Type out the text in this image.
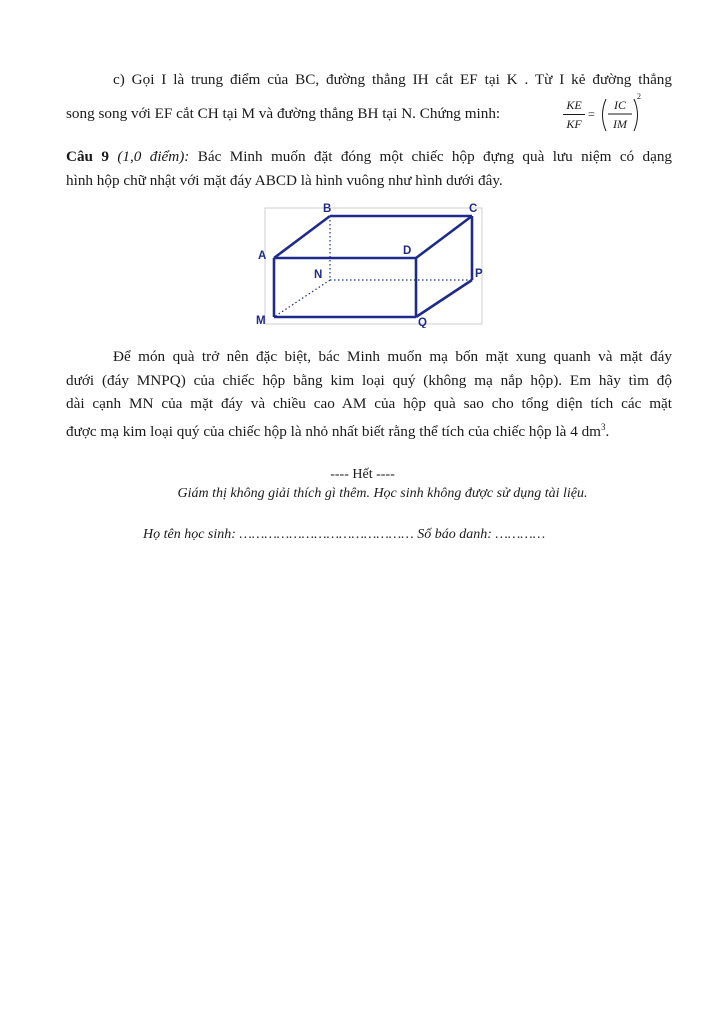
c) Gọi I là trung điểm của BC, đường thẳng IH cắt EF tại K . Từ I kẻ đường thẳng
song song với EF cắt CH tại M và đường thẳng BH tại N. Chứng minh:	KE
KF
=
IC
IM
2
Câu 9 (1,0 điểm): Bác Minh muốn đặt đóng một chiếc hộp đựng quà lưu niệm có dạng
hình hộp chữ nhật với mặt đáy ABCD là hình vuông như hình dưới đây.
B	C
A	D
N	P
M	Q
Để món quà trở nên đặc biệt, bác Minh muốn mạ bốn mặt xung quanh và mặt đáy
dưới (đáy MNPQ) của chiếc hộp bằng kim loại quý (không mạ nắp hộp). Em hãy tìm độ
dài cạnh MN của mặt đáy và chiều cao AM của hộp quà sao cho tổng diện tích các mặt
được mạ kim loại quý của chiếc hộp là nhỏ nhất biết rằng thể tích của chiếc hộp là 4 $dm^3$.
---- Hết ----
Giám thị không giải thích gì thêm. Học sinh không được sử dụng tài liệu.
Họ tên học sinh: …………………………………… Số báo danh: …………
